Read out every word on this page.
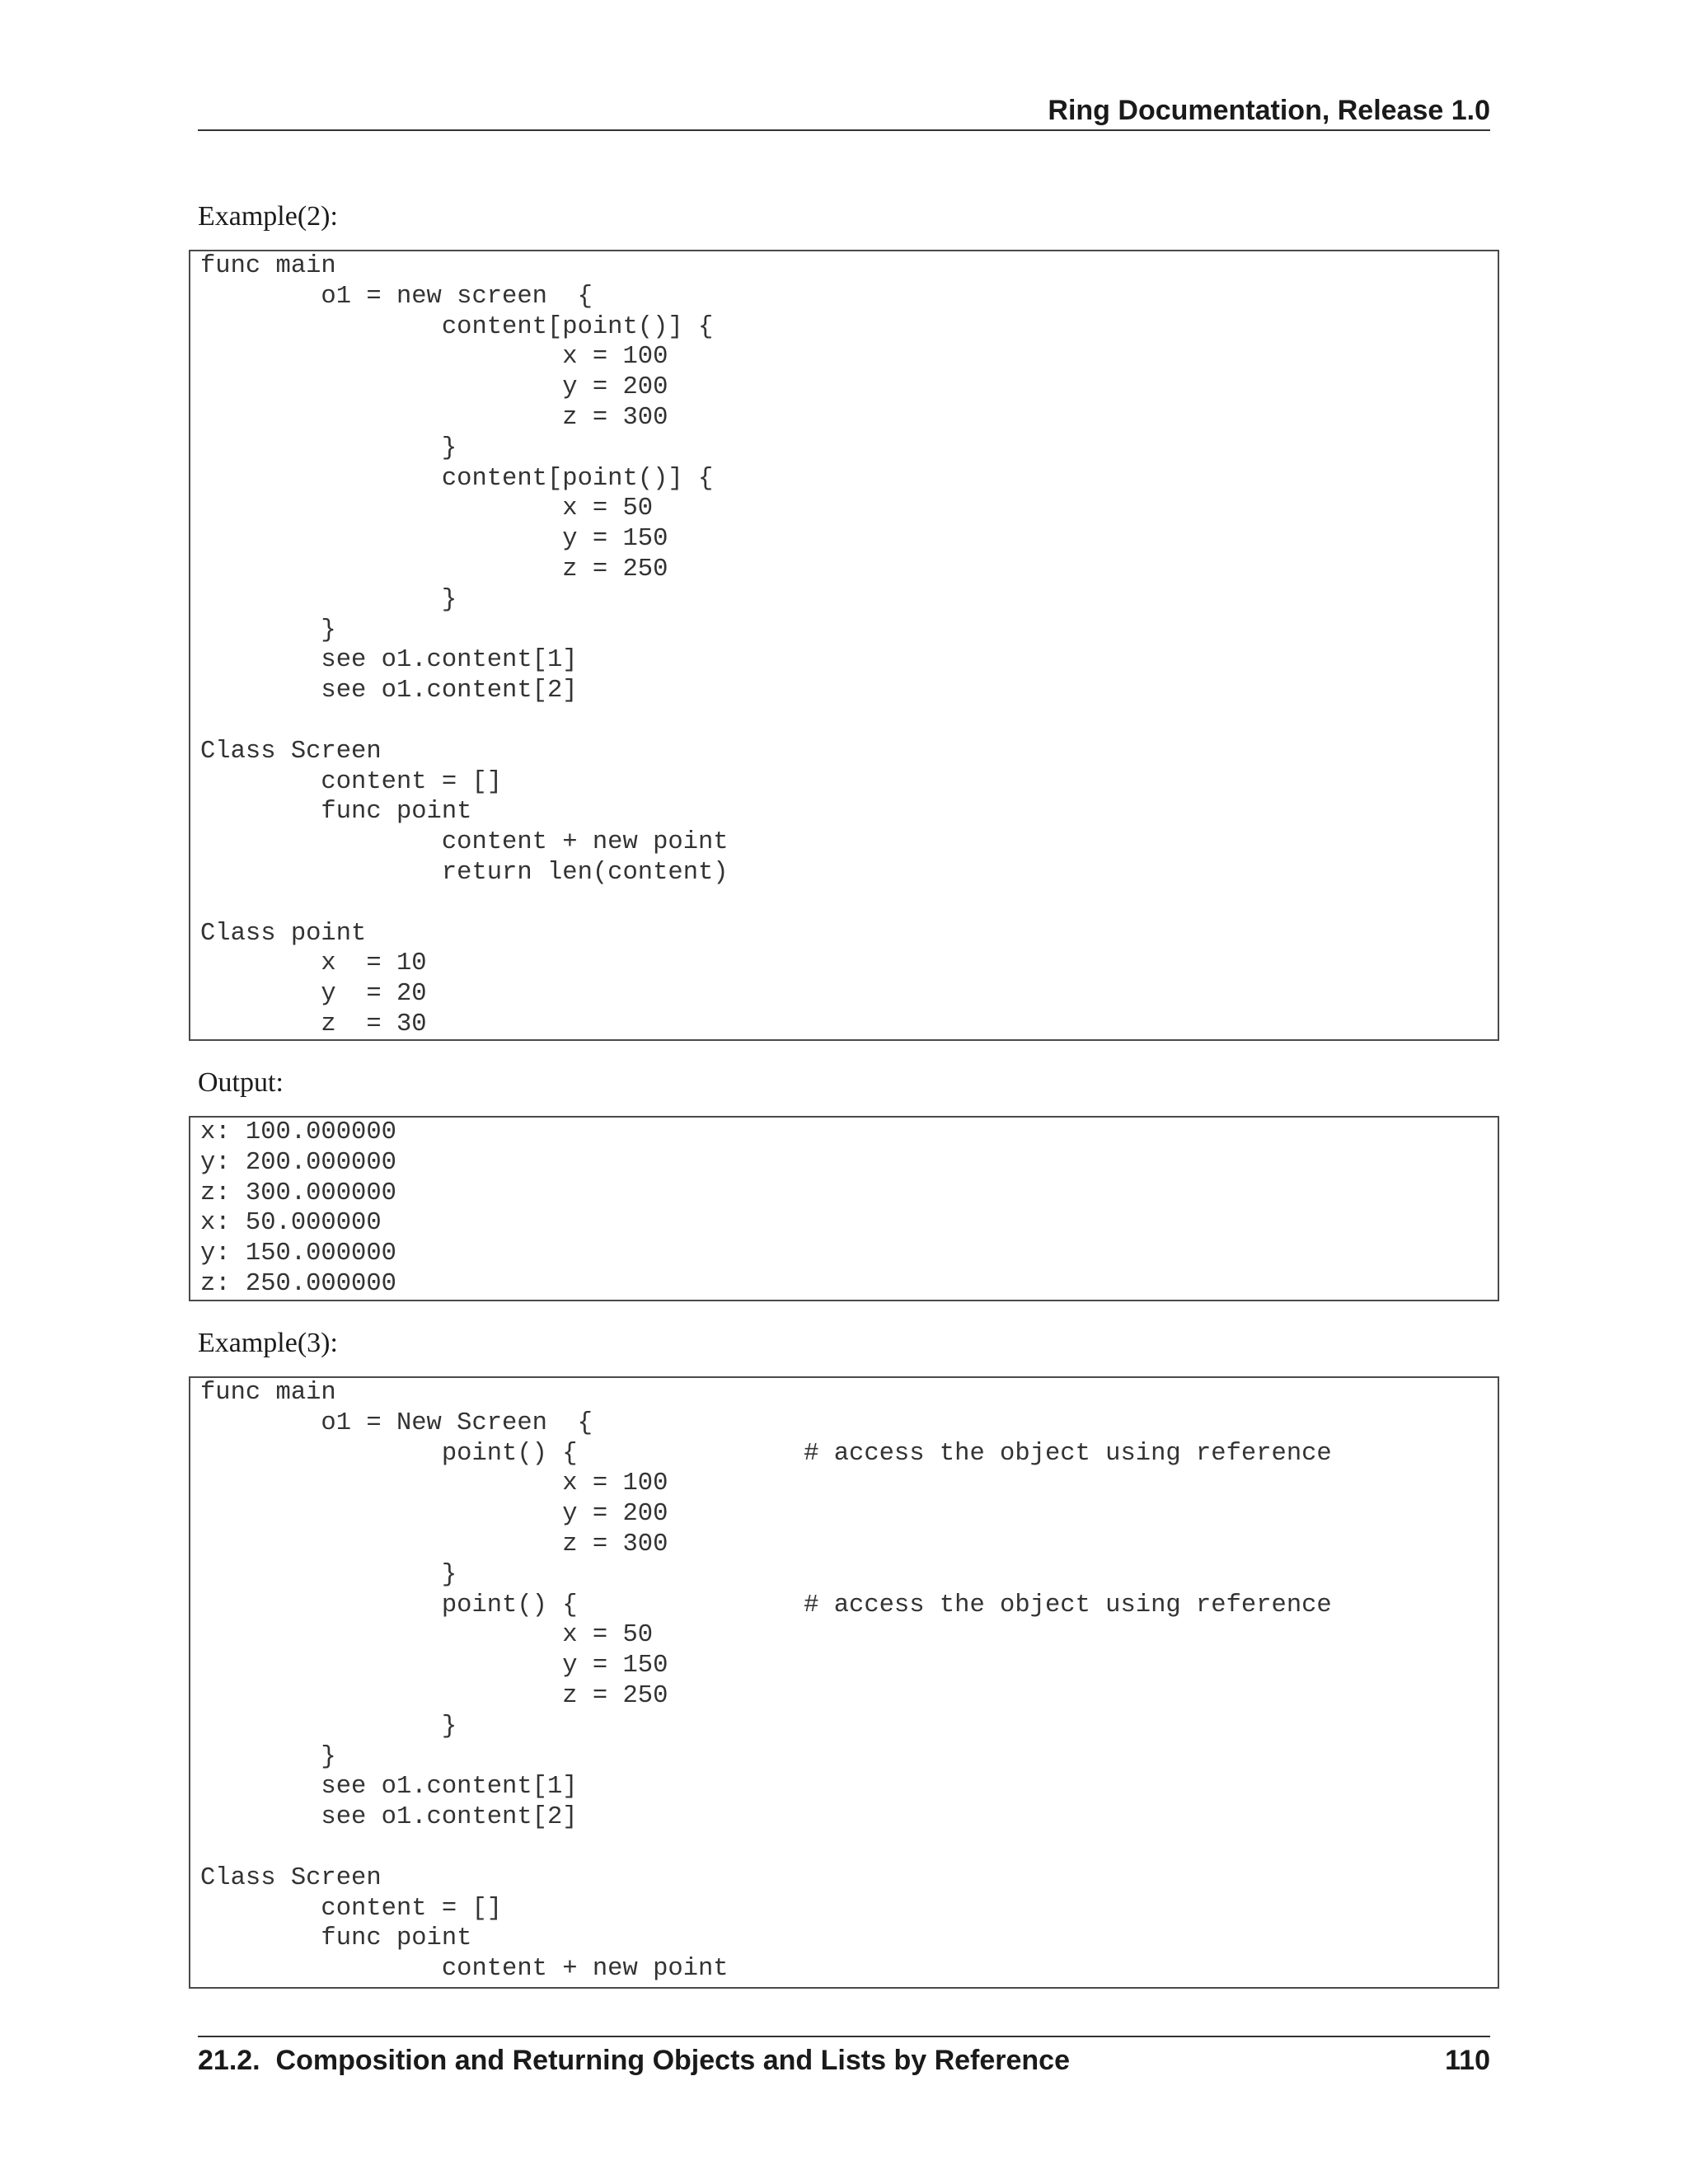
Ring Documentation, Release 1.0
Example(2):
func main
o1 = new screen  {
content[point()] {
x = 100
y = 200
z = 300
}
content[point()] {
x = 50
y = 150
z = 250
}
}
see o1.content[1]
see o1.content[2]

Class Screen
content = []
func point
content + new point
return len(content)

Class point
x  = 10
y  = 20
z  = 30
Output:
x: 100.000000
y: 200.000000
z: 300.000000
x: 50.000000
y: 150.000000
z: 250.000000
Example(3):
func main
o1 = New Screen  {
point() {               # access the object using reference
x = 100
y = 200
z = 300
}
point() {               # access the object using reference
x = 50
y = 150
z = 250
}
}
see o1.content[1]
see o1.content[2]

Class Screen
content = []
func point
content + new point
21.2.  Composition and Returning Objects and Lists by Reference	110
